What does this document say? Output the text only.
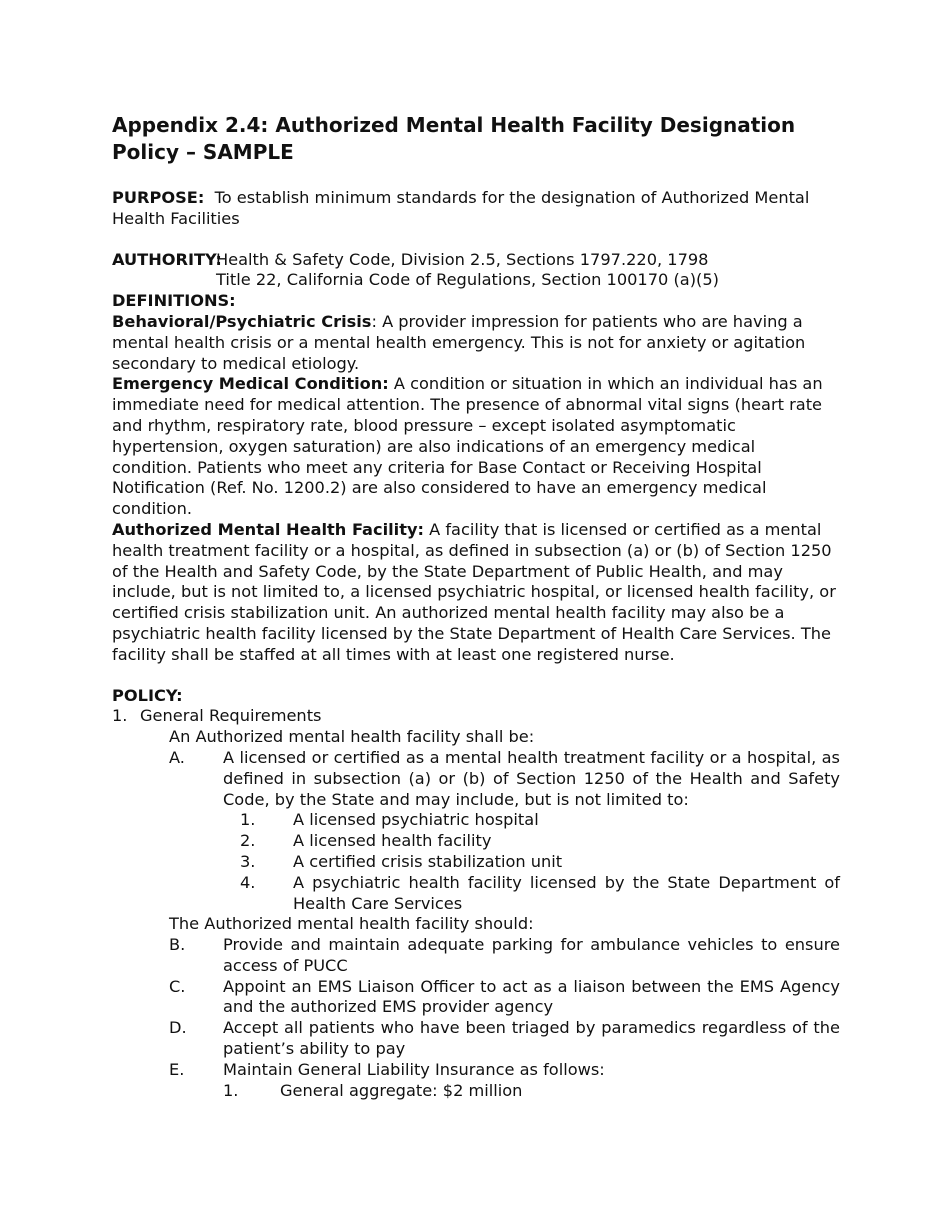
Appendix 2.4: Authorized Mental Health Facility Designation Policy – SAMPLE

PURPOSE: To establish minimum standards for the designation of Authorized Mental Health Facilities

AUTHORITY:
Health & Safety Code, Division 2.5, Sections 1797.220, 1798
Title 22, California Code of Regulations, Section 100170 (a)(5)
DEFINITIONS:

Behavioral/Psychiatric Crisis: A provider impression for patients who are having a mental health crisis or a mental health emergency. This is not for anxiety or agitation secondary to medical etiology.

Emergency Medical Condition: A condition or situation in which an individual has an immediate need for medical attention. The presence of abnormal vital signs (heart rate and rhythm, respiratory rate, blood pressure – except isolated asymptomatic hypertension, oxygen saturation) are also indications of an emergency medical condition. Patients who meet any criteria for Base Contact or Receiving Hospital Notification (Ref. No. 1200.2) are also considered to have an emergency medical condition.

Authorized Mental Health Facility: A facility that is licensed or certified as a mental health treatment facility or a hospital, as defined in subsection (a) or (b) of Section 1250 of the Health and Safety Code, by the State Department of Public Health, and may include, but is not limited to, a licensed psychiatric hospital, or licensed health facility, or certified crisis stabilization unit. An authorized mental health facility may also be a psychiatric health facility licensed by the State Department of Health Care Services. The facility shall be staffed at all times with at least one registered nurse.

POLICY:
1. General Requirements
An Authorized mental health facility shall be:
A.	A licensed or certified as a mental health treatment facility or a hospital, as defined in subsection (a) or (b) of Section 1250 of the Health and Safety Code, by the State and may include, but is not limited to:
1.	A licensed psychiatric hospital
2.	A licensed health facility
3.	A certified crisis stabilization unit
4.	A psychiatric health facility licensed by the State Department of Health Care Services
The Authorized mental health facility should:
B.	Provide and maintain adequate parking for ambulance vehicles to ensure access of PUCC
C.	Appoint an EMS Liaison Officer to act as a liaison between the EMS Agency and the authorized EMS provider agency
D.	Accept all patients who have been triaged by paramedics regardless of the patient’s ability to pay
E.	Maintain General Liability Insurance as follows:
1.	General aggregate: $2 million
